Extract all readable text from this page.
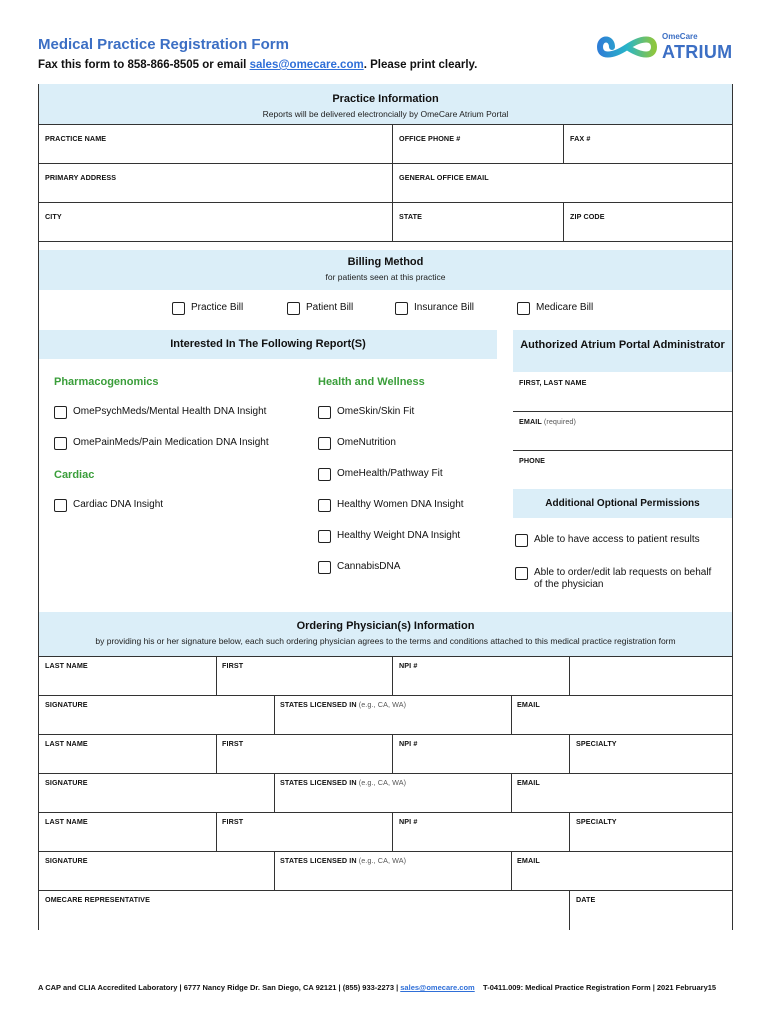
Medical Practice Registration Form
Fax this form to 858-866-8505 or email sales@omecare.com. Please print clearly.
OmeCare
ATRIUM
Practice Information
Reports will be delivered electroncially by OmeCare Atrium Portal
PRACTICE NAME	OFFICE PHONE #	FAX #
PRIMARY ADDRESS	GENERAL OFFICE EMAIL
CITY	STATE	ZIP CODE
Billing Method
for patients seen at this practice
Practice Bill	Patient Bill	Insurance Bill	Medicare Bill
Interested In The Following Report(S)	Authorized Atrium Portal Administrator
Pharmacogenomics
OmePsychMeds/Mental Health DNA Insight
OmePainMeds/Pain Medication DNA Insight
Cardiac
Cardiac DNA Insight
Health and Wellness
OmeSkin/Skin Fit
OmeNutrition
OmeHealth/Pathway Fit
Healthy Women DNA Insight
Healthy Weight DNA Insight
CannabisDNA
FIRST, LAST NAME
EMAIL (required)
PHONE
Additional Optional Permissions
Able to have access to patient results
Able to order/edit lab requests on behalf of the physician
Ordering Physician(s) Information
by providing his or her signature below, each such ordering physician agrees to the terms and conditions attached to this medical practice registration form
LAST NAME	FIRST	NPI #
SIGNATURE	STATES LICENSED IN (e.g., CA, WA)	EMAIL
LAST NAME	FIRST	NPI #	SPECIALTY
SIGNATURE	STATES LICENSED IN (e.g., CA, WA)	EMAIL
LAST NAME	FIRST	NPI #	SPECIALTY
SIGNATURE	STATES LICENSED IN (e.g., CA, WA)	EMAIL
OMECARE REPRESENTATIVE	DATE
A CAP and CLIA Accredited Laboratory | 6777 Nancy Ridge Dr. San Diego, CA 92121 | (855) 933-2273 | sales@omecare.com    T-0411.009: Medical Practice Registration Form | 2021 February15
